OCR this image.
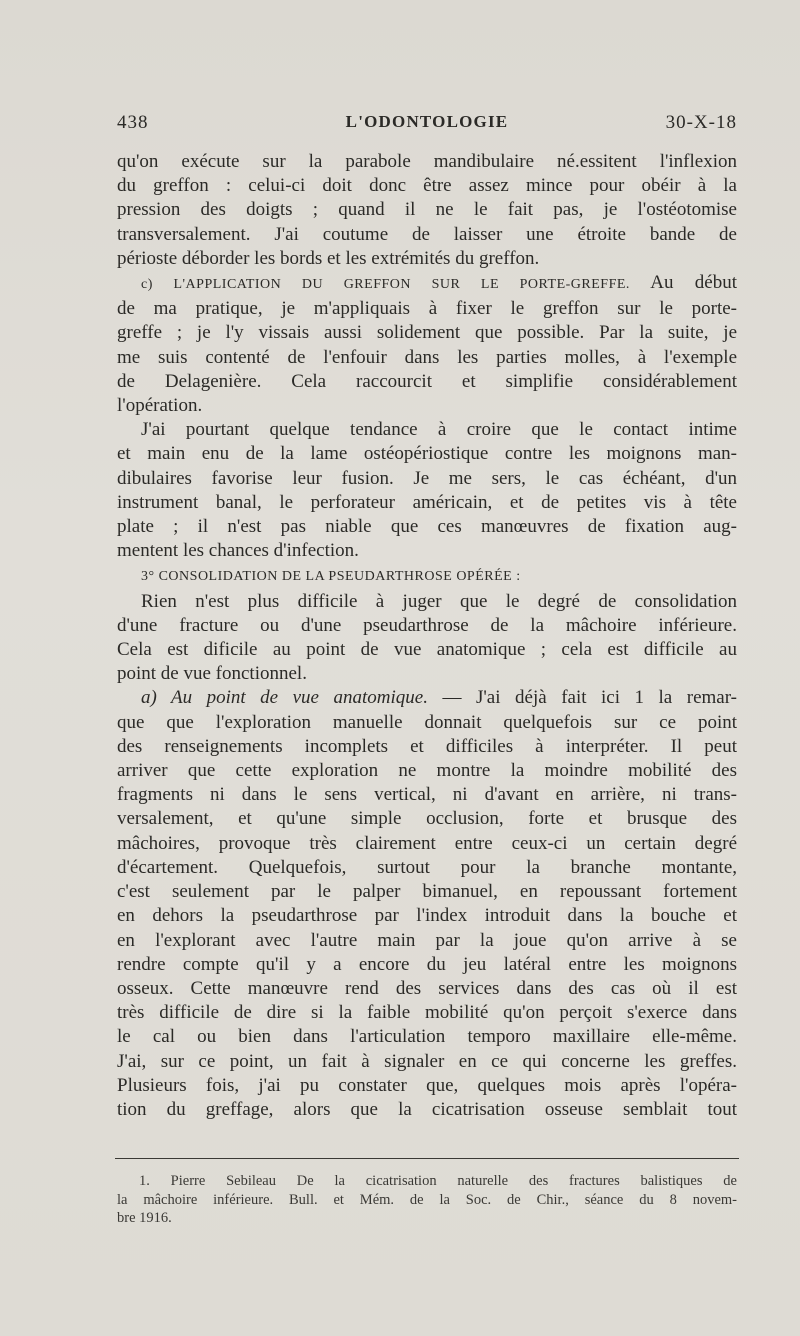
438	L'ODONTOLOGIE	30-X-18

qu'on exécute sur la parabole mandibulaire né.essitent l'inflexion
du greffon : celui-ci doit donc être assez mince pour obéir à la
pression des doigts ; quand il ne le fait pas, je l'ostéotomise
transversalement. J'ai coutume de laisser une étroite bande de
périoste déborder les bords et les extrémités du greffon.

c) L'APPLICATION DU GREFFON SUR LE PORTE-GREFFE. Au début
de ma pratique, je m'appliquais à fixer le greffon sur le porte-
greffe ; je l'y vissais aussi solidement que possible. Par la suite, je
me suis contenté de l'enfouir dans les parties molles, à l'exemple
de Delagenière. Cela raccourcit et simplifie considérablement
l'opération.

J'ai pourtant quelque tendance à croire que le contact intime
et main enu de la lame ostéopériostique contre les moignons man-
dibulaires favorise leur fusion. Je me sers, le cas échéant, d'un
instrument banal, le perforateur américain, et de petites vis à tête
plate ; il n'est pas niable que ces manœuvres de fixation aug-
mentent les chances d'infection.

3° CONSOLIDATION DE LA PSEUDARTHROSE OPÉRÉE :

Rien n'est plus difficile à juger que le degré de consolidation
d'une fracture ou d'une pseudarthrose de la mâchoire inférieure.
Cela est dificile au point de vue anatomique ; cela est difficile au
point de vue fonctionnel.

a) Au point de vue anatomique. — J'ai déjà fait ici 1 la remar-
que que l'exploration manuelle donnait quelquefois sur ce point
des renseignements incomplets et difficiles à interpréter. Il peut
arriver que cette exploration ne montre la moindre mobilité des
fragments ni dans le sens vertical, ni d'avant en arrière, ni trans-
versalement, et qu'une simple occlusion, forte et brusque des
mâchoires, provoque très clairement entre ceux-ci un certain degré
d'écartement. Quelquefois, surtout pour la branche montante,
c'est seulement par le palper bimanuel, en repoussant fortement
en dehors la pseudarthrose par l'index introduit dans la bouche et
en l'explorant avec l'autre main par la joue qu'on arrive à se
rendre compte qu'il y a encore du jeu latéral entre les moignons
osseux. Cette manœuvre rend des services dans des cas où il est
très difficile de dire si la faible mobilité qu'on perçoit s'exerce dans
le cal ou bien dans l'articulation temporo maxillaire elle-même.
J'ai, sur ce point, un fait à signaler en ce qui concerne les greffes.
Plusieurs fois, j'ai pu constater que, quelques mois après l'opéra-
tion du greffage, alors que la cicatrisation osseuse semblait tout

1. Pierre Sebileau De la cicatrisation naturelle des fractures balistiques de
la mâchoire inférieure. Bull. et Mém. de la Soc. de Chir., séance du 8 novem-
bre 1916.
